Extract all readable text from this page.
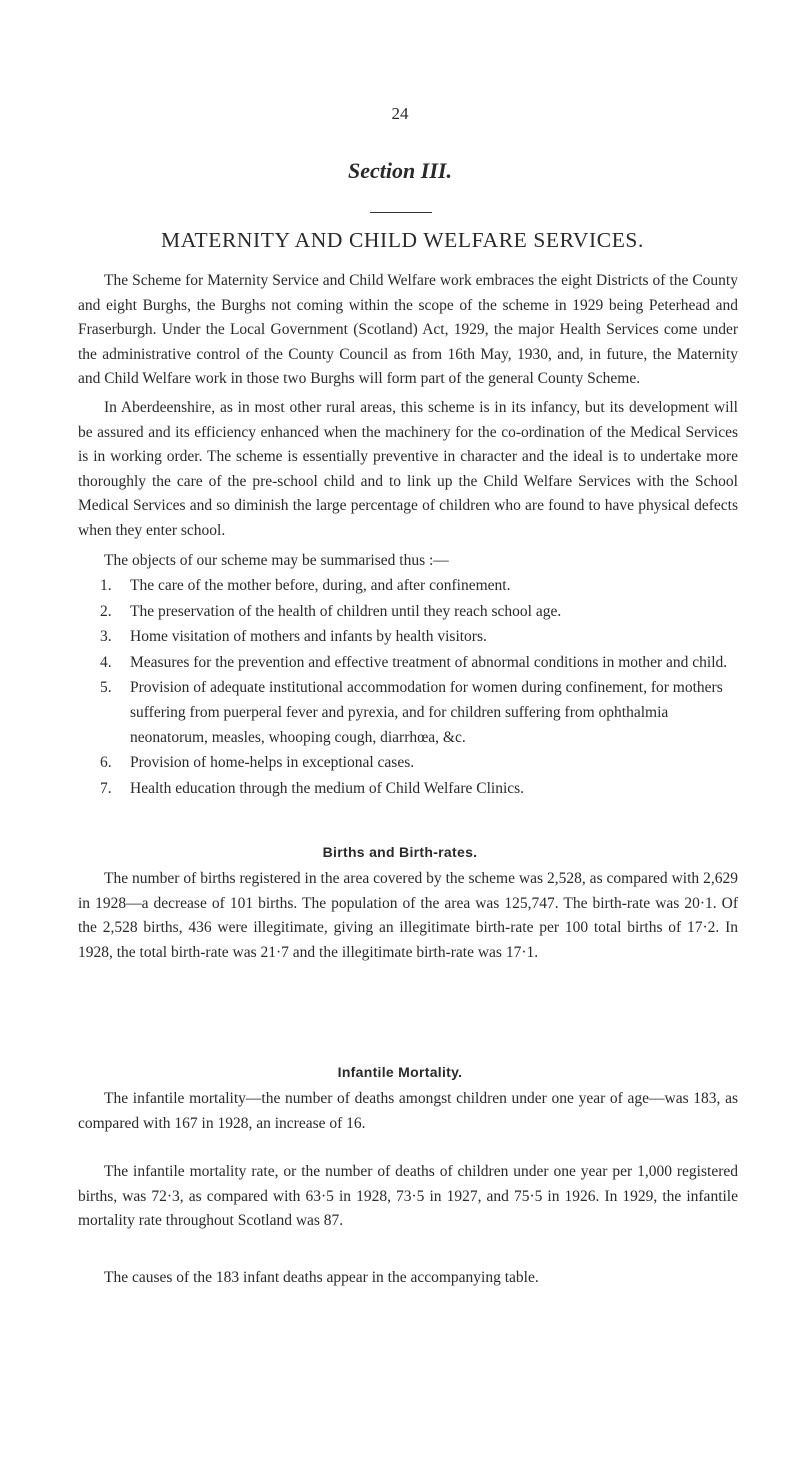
24
Section III.
MATERNITY AND CHILD WELFARE SERVICES.

The Scheme for Maternity Service and Child Welfare work embraces the eight Districts of the County and eight Burghs, the Burghs not coming within the scope of the scheme in 1929 being Peterhead and Fraserburgh. Under the Local Government (Scotland) Act, 1929, the major Health Services come under the administrative control of the County Council as from 16th May, 1930, and, in future, the Maternity and Child Welfare work in those two Burghs will form part of the general County Scheme.

In Aberdeenshire, as in most other rural areas, this scheme is in its infancy, but its development will be assured and its efficiency enhanced when the machinery for the co-ordination of the Medical Services is in working order. The scheme is essentially preventive in character and the ideal is to undertake more thoroughly the care of the pre-school child and to link up the Child Welfare Services with the School Medical Services and so diminish the large percentage of children who are found to have physical defects when they enter school.

The objects of our scheme may be summarised thus :—

1. The care of the mother before, during, and after confinement.
2. The preservation of the health of children until they reach school age.
3. Home visitation of mothers and infants by health visitors.
4. Measures for the prevention and effective treatment of abnormal conditions in mother and child.
5. Provision of adequate institutional accommodation for women during confinement, for mothers suffering from puerperal fever and pyrexia, and for children suffering from ophthalmia neonatorum, measles, whooping cough, diarrhœa, &c.
6. Provision of home-helps in exceptional cases.
7. Health education through the medium of Child Welfare Clinics.
Births and Birth-rates.

The number of births registered in the area covered by the scheme was 2,528, as compared with 2,629 in 1928—a decrease of 101 births. The population of the area was 125,747. The birth-rate was 20·1. Of the 2,528 births, 436 were illegitimate, giving an illegitimate birth-rate per 100 total births of 17·2. In 1928, the total birth-rate was 21·7 and the illegitimate birth-rate was 17·1.

Infantile Mortality.

The infantile mortality—the number of deaths amongst children under one year of age—was 183, as compared with 167 in 1928, an increase of 16.

The infantile mortality rate, or the number of deaths of children under one year per 1,000 registered births, was 72·3, as compared with 63·5 in 1928, 73·5 in 1927, and 75·5 in 1926. In 1929, the infantile mortality rate throughout Scotland was 87.

The causes of the 183 infant deaths appear in the accompanying table.
